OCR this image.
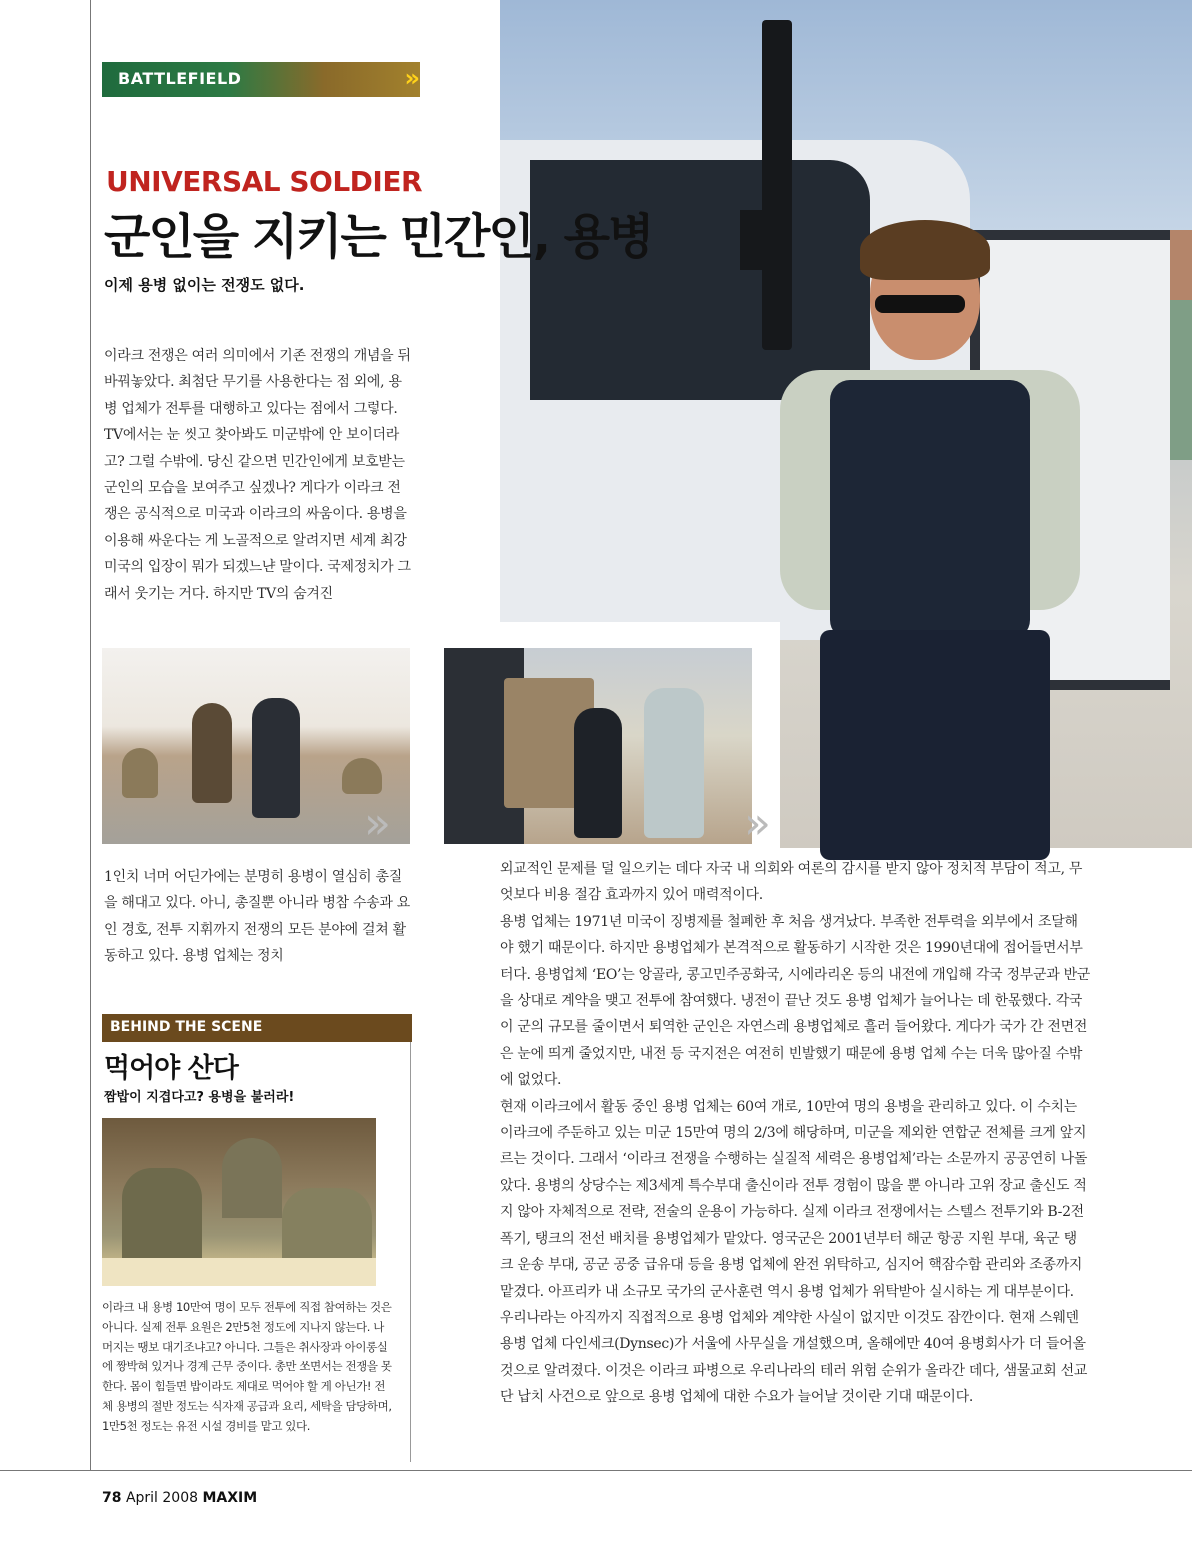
BATTLEFIELD	»
UNIVERSAL SOLDIER
군인을 지키는 민간인, 용병
이제 용병 없이는 전쟁도 없다.

이라크 전쟁은 여러 의미에서 기존 전쟁의 개념을 뒤바꿔놓았다. 최첨단 무기를 사용한다는 점 외에, 용병 업체가 전투를 대행하고 있다는 점에서 그렇다. TV에서는 눈 씻고 찾아봐도 미군밖에 안 보이더라고? 그럴 수밖에. 당신 같으면 민간인에게 보호받는 군인의 모습을 보여주고 싶겠나? 게다가 이라크 전쟁은 공식적으로 미국과 이라크의 싸움이다. 용병을 이용해 싸운다는 게 노골적으로 알려지면 세계 최강 미국의 입장이 뭐가 되겠느냔 말이다. 국제정치가 그래서 웃기는 거다. 하지만 TV의 숨겨진

»	»

1인치 너머 어딘가에는 분명히 용병이 열심히 총질을 해대고 있다. 아니, 총질뿐 아니라 병참 수송과 요인 경호, 전투 지휘까지 전쟁의 모든 분야에 걸쳐 활동하고 있다. 용병 업체는 정치

외교적인 문제를 덜 일으키는 데다 자국 내 의회와 여론의 감시를 받지 않아 정치적 부담이 적고, 무엇보다 비용 절감 효과까지 있어 매력적이다.

용병 업체는 1971년 미국이 징병제를 철폐한 후 처음 생겨났다. 부족한 전투력을 외부에서 조달해야 했기 때문이다. 하지만 용병업체가 본격적으로 활동하기 시작한 것은 1990년대에 접어들면서부터다. 용병업체 ‘EO’는 앙골라, 콩고민주공화국, 시에라리온 등의 내전에 개입해 각국 정부군과 반군을 상대로 계약을 맺고 전투에 참여했다. 냉전이 끝난 것도 용병 업체가 늘어나는 데 한몫했다. 각국이 군의 규모를 줄이면서 퇴역한 군인은 자연스레 용병업체로 흘러 들어왔다. 게다가 국가 간 전면전은 눈에 띄게 줄었지만, 내전 등 국지전은 여전히 빈발했기 때문에 용병 업체 수는 더욱 많아질 수밖에 없었다.

현재 이라크에서 활동 중인 용병 업체는 60여 개로, 10만여 명의 용병을 관리하고 있다. 이 수치는 이라크에 주둔하고 있는 미군 15만여 명의 2/3에 해당하며, 미군을 제외한 연합군 전체를 크게 앞지르는 것이다. 그래서 ‘이라크 전쟁을 수행하는 실질적 세력은 용병업체’라는 소문까지 공공연히 나돌았다. 용병의 상당수는 제3세계 특수부대 출신이라 전투 경험이 많을 뿐 아니라 고위 장교 출신도 적지 않아 자체적으로 전략, 전술의 운용이 가능하다. 실제 이라크 전쟁에서는 스텔스 전투기와 B-2전폭기, 탱크의 전선 배치를 용병업체가 맡았다. 영국군은 2001년부터 해군 항공 지원 부대, 육군 탱크 운송 부대, 공군 공중 급유대 등을 용병 업체에 완전 위탁하고, 심지어 핵잠수함 관리와 조종까지 맡겼다. 아프리카 내 소규모 국가의 군사훈련 역시 용병 업체가 위탁받아 실시하는 게 대부분이다.

우리나라는 아직까지 직접적으로 용병 업체와 계약한 사실이 없지만 이것도 잠깐이다. 현재 스웨덴 용병 업체 다인세크(Dynsec)가 서울에 사무실을 개설했으며, 올해에만 40여 용병회사가 더 들어올 것으로 알려졌다. 이것은 이라크 파병으로 우리나라의 테러 위험 순위가 올라간 데다, 샘물교회 선교단 납치 사건으로 앞으로 용병 업체에 대한 수요가 늘어날 것이란 기대 때문이다.

BEHIND THE SCENE
먹어야 산다
짬밥이 지겹다고? 용병을 불러라!

이라크 내 용병 10만여 명이 모두 전투에 직접 참여하는 것은 아니다. 실제 전투 요원은 2만5천 정도에 지나지 않는다. 나머지는 땡보 대기조냐고? 아니다. 그들은 취사장과 아이롱실에 짱박혀 있거나 경계 근무 중이다. 총만 쏘면서는 전쟁을 못한다. 몸이 힘들면 밥이라도 제대로 먹어야 할 게 아닌가! 전체 용병의 절반 정도는 식자재 공급과 요리, 세탁을 담당하며, 1만5천 정도는 유전 시설 경비를 맡고 있다.

78 April 2008 MAXIM
